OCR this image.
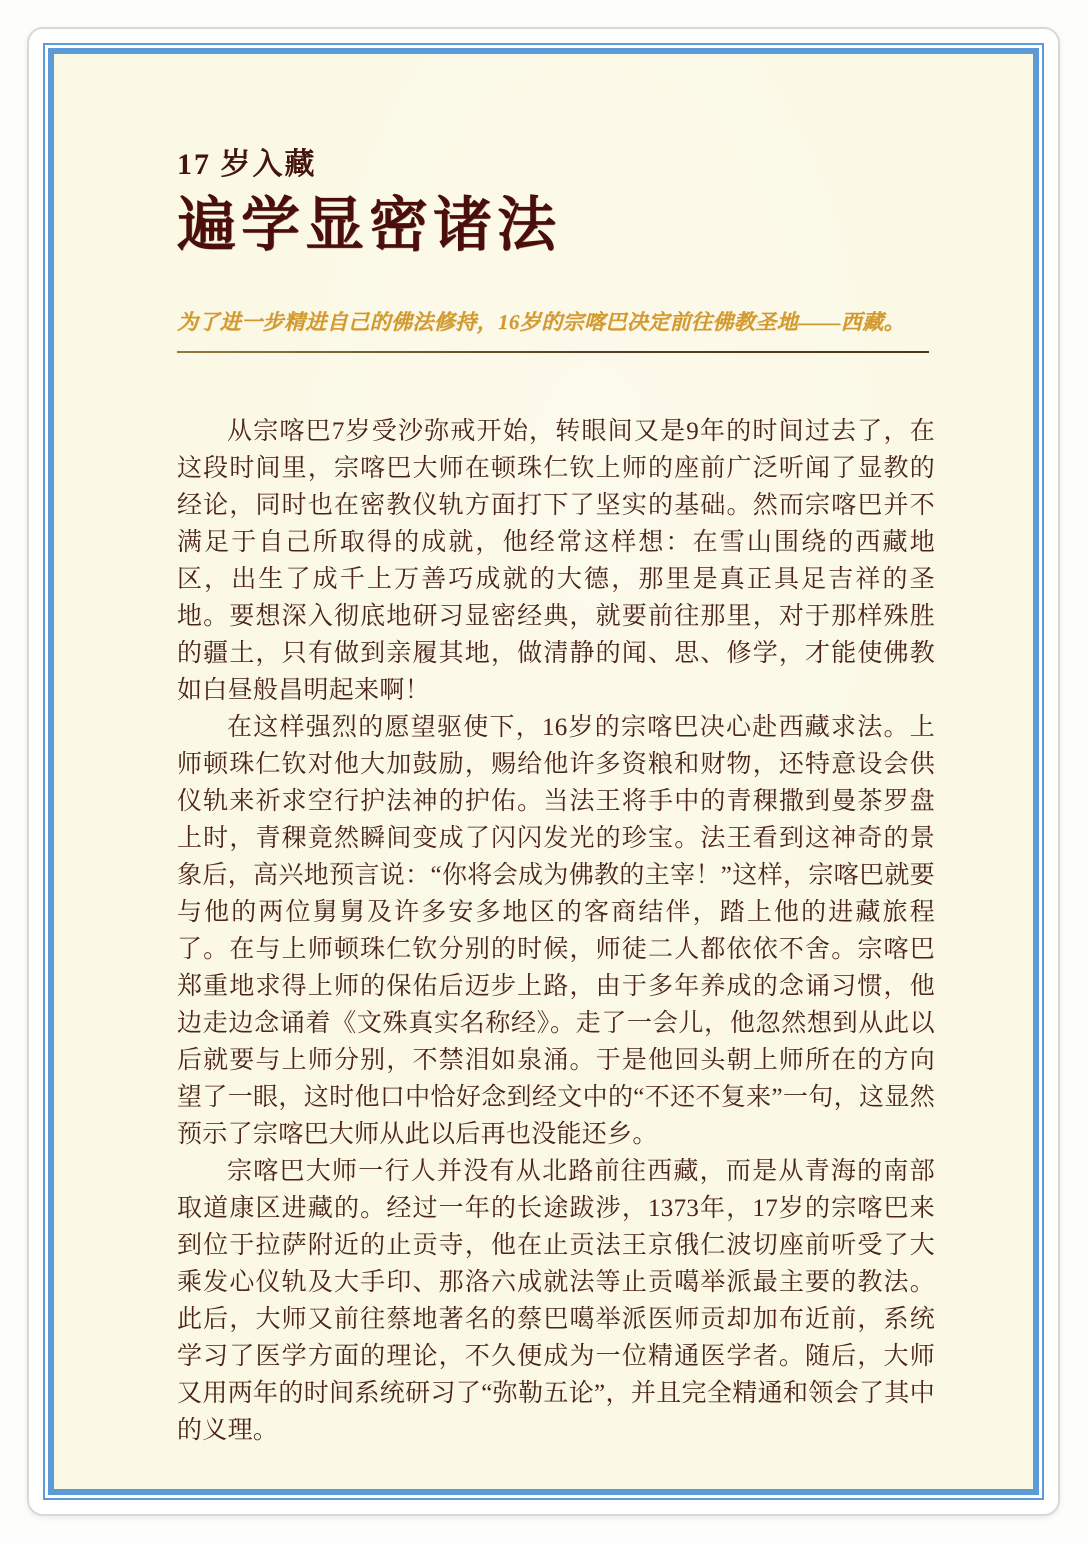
17 岁入藏
遍学显密诸法
为了进一步精进自己的佛法修持，16岁的宗喀巴决定前往佛教圣地——西藏。

从宗喀巴7岁受沙弥戒开始，转眼间又是9年的时间过去了，在这段时间里，宗喀巴大师在顿珠仁钦上师的座前广泛听闻了显教的经论，同时也在密教仪轨方面打下了坚实的基础。然而宗喀巴并不满足于自己所取得的成就，他经常这样想：在雪山围绕的西藏地区，出生了成千上万善巧成就的大德，那里是真正具足吉祥的圣地。要想深入彻底地研习显密经典，就要前往那里，对于那样殊胜的疆土，只有做到亲履其地，做清静的闻、思、修学，才能使佛教如白昼般昌明起来啊！

在这样强烈的愿望驱使下，16岁的宗喀巴决心赴西藏求法。上师顿珠仁钦对他大加鼓励，赐给他许多资粮和财物，还特意设会供仪轨来祈求空行护法神的护佑。当法王将手中的青稞撒到曼茶罗盘上时，青稞竟然瞬间变成了闪闪发光的珍宝。法王看到这神奇的景象后，高兴地预言说：“你将会成为佛教的主宰！”这样，宗喀巴就要与他的两位舅舅及许多安多地区的客商结伴，踏上他的进藏旅程了。在与上师顿珠仁钦分别的时候，师徒二人都依依不舍。宗喀巴郑重地求得上师的保佑后迈步上路，由于多年养成的念诵习惯，他边走边念诵着《文殊真实名称经》。走了一会儿，他忽然想到从此以后就要与上师分别，不禁泪如泉涌。于是他回头朝上师所在的方向望了一眼，这时他口中恰好念到经文中的“不还不复来”一句，这显然预示了宗喀巴大师从此以后再也没能还乡。

宗喀巴大师一行人并没有从北路前往西藏，而是从青海的南部取道康区进藏的。经过一年的长途跋涉，1373年，17岁的宗喀巴来到位于拉萨附近的止贡寺，他在止贡法王京俄仁波切座前听受了大乘发心仪轨及大手印、那洛六成就法等止贡噶举派最主要的教法。此后，大师又前往蔡地著名的蔡巴噶举派医师贡却加布近前，系统学习了医学方面的理论，不久便成为一位精通医学者。随后，大师又用两年的时间系统研习了“弥勒五论”，并且完全精通和领会了其中的义理。
